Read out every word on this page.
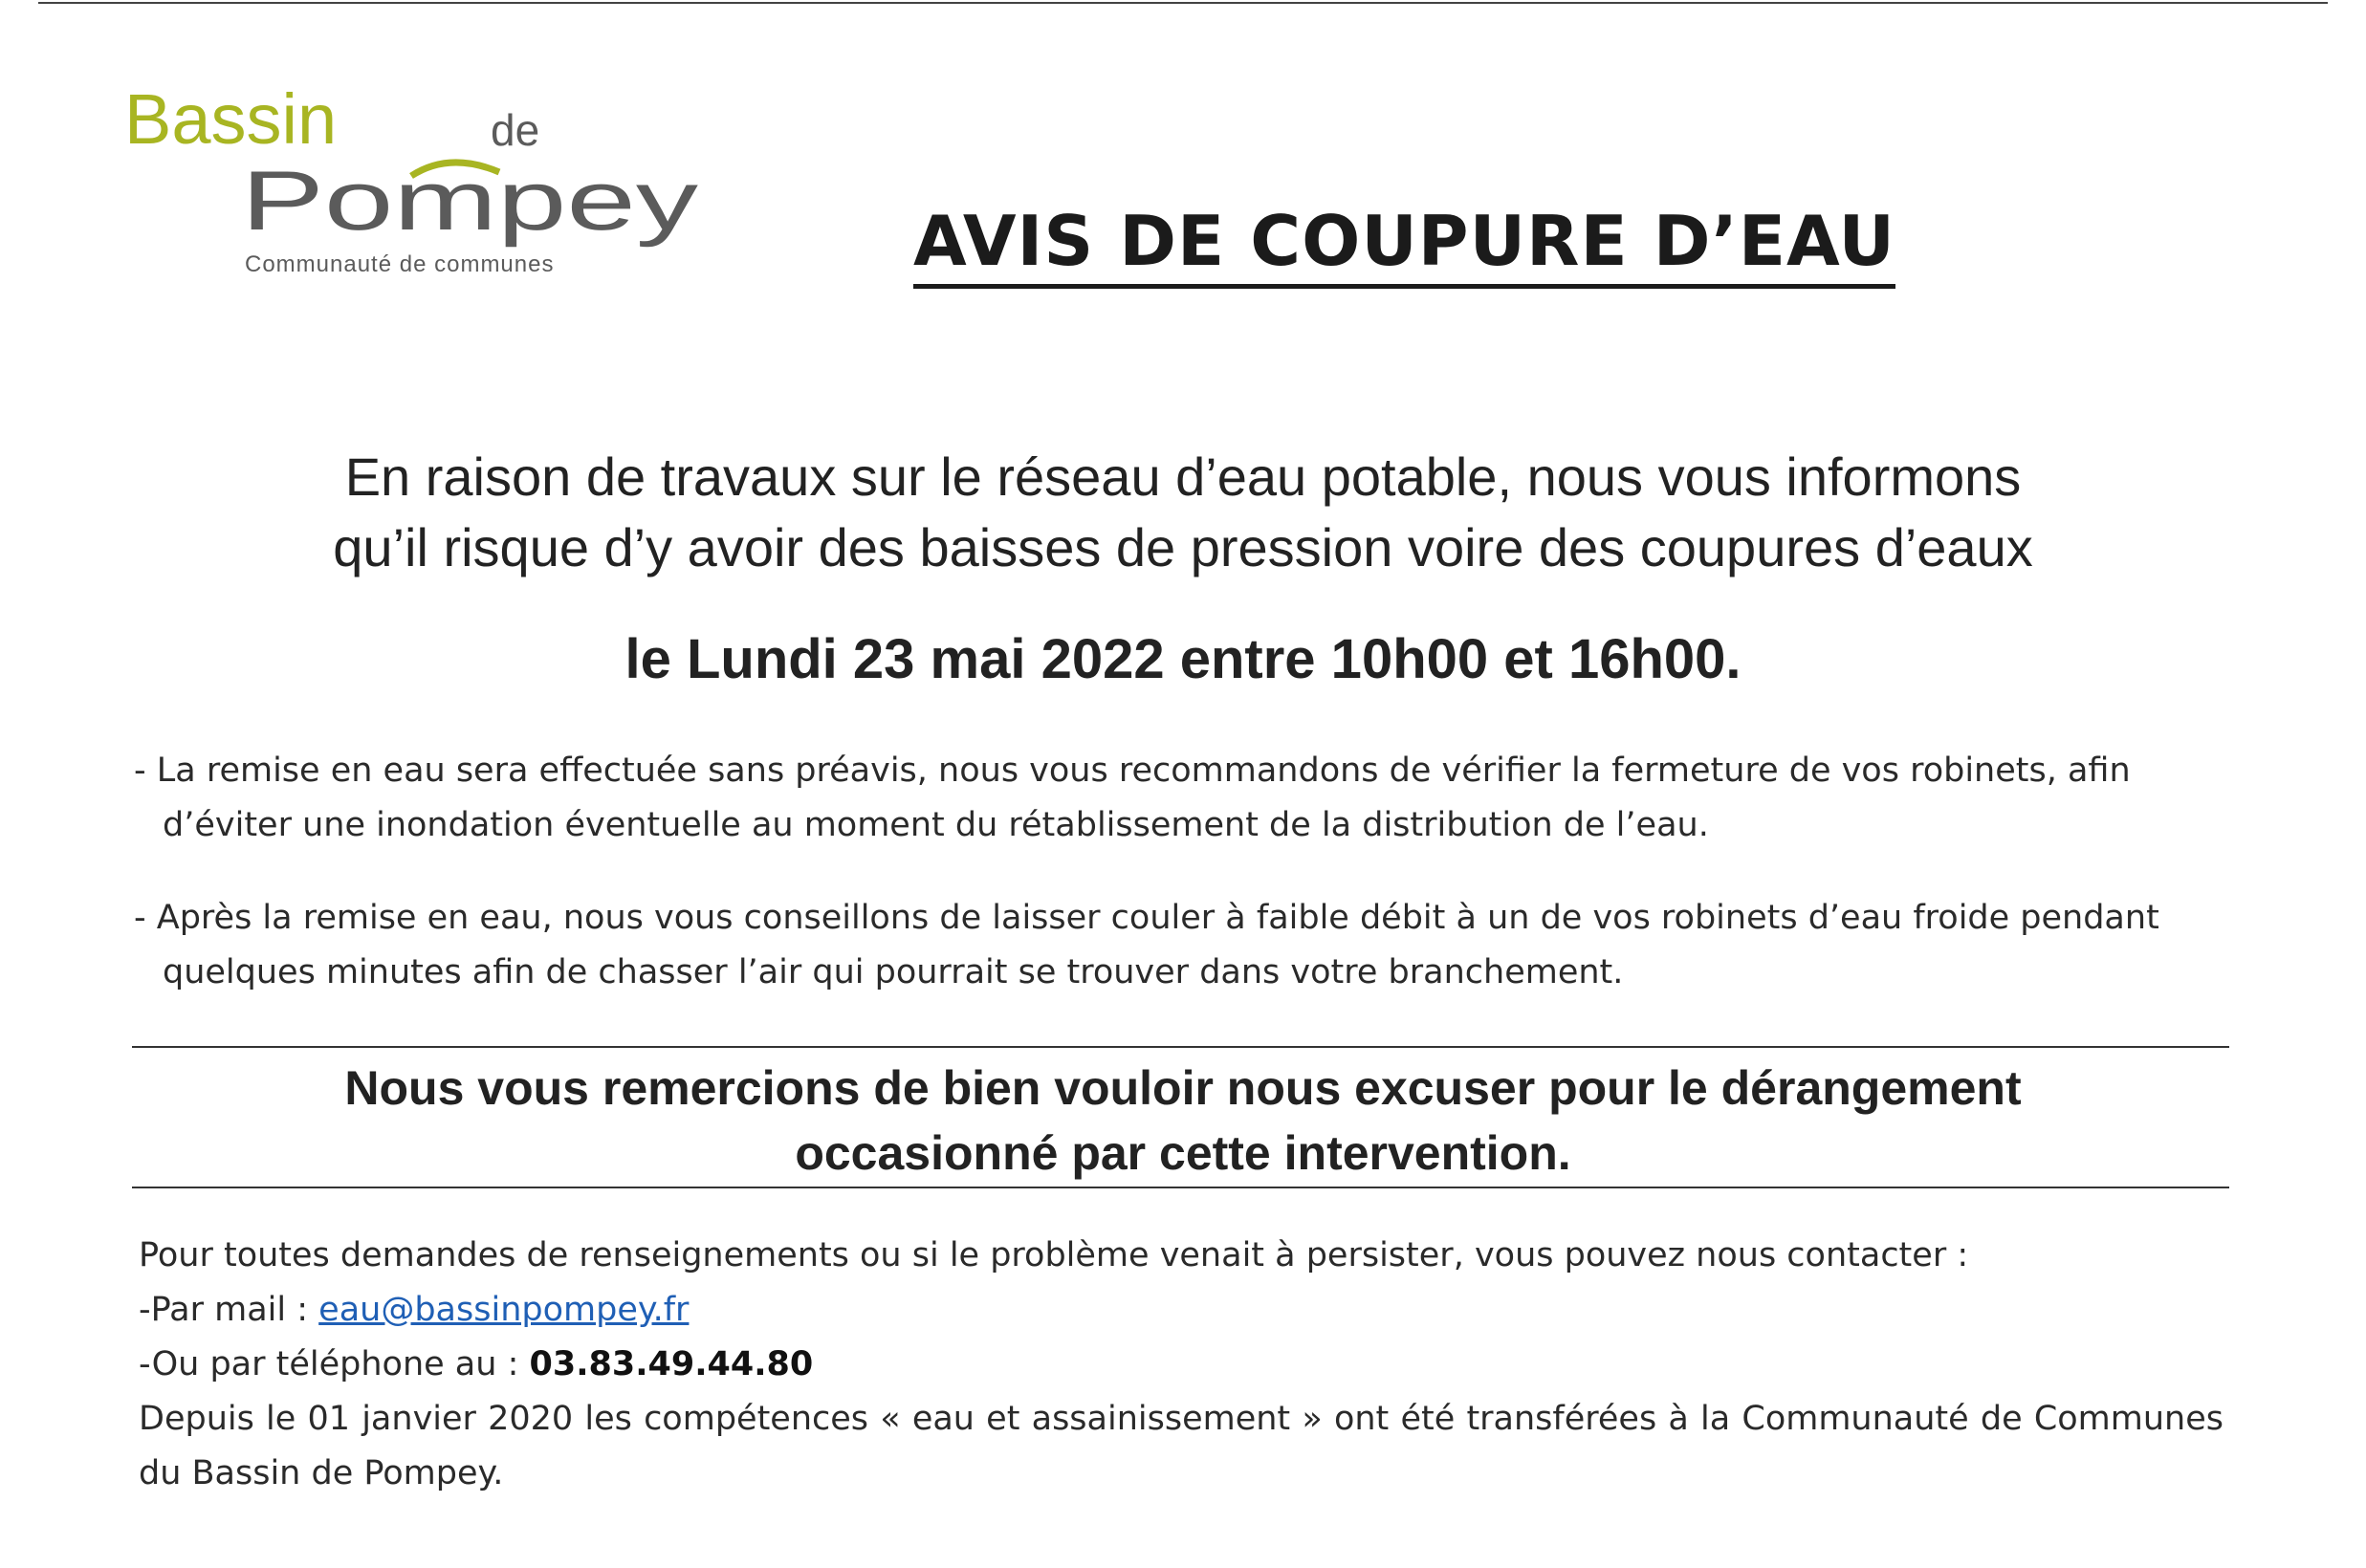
Bassin	de
Pompey
Communauté de communes	AVIS DE COUPURE D’EAU
En raison de travaux sur le réseau d’eau potable, nous vous informons
qu’il risque d’y avoir des baisses de pression voire des coupures d’eaux
le Lundi 23 mai 2022 entre 10h00 et 16h00.
- La remise en eau sera effectuée sans préavis, nous vous recommandons de vérifier la fermeture de vos robinets, afin d’éviter une inondation éventuelle au moment du rétablissement de la distribution de l’eau.
- Après la remise en eau, nous vous conseillons de laisser couler à faible débit à un de vos robinets d’eau froide pendant quelques minutes afin de chasser l’air qui pourrait se trouver dans votre branchement.
Nous vous remercions de bien vouloir nous excuser pour le dérangement
occasionné par cette intervention.

Pour toutes demandes de renseignements ou si le problème venait à persister, vous pouvez nous contacter :

-Par mail : eau@bassinpompey.fr

-Ou par téléphone au : 03.83.49.44.80

Depuis le 01 janvier 2020 les compétences « eau et assainissement » ont été transférées à la Communauté de Communes du Bassin de Pompey.
